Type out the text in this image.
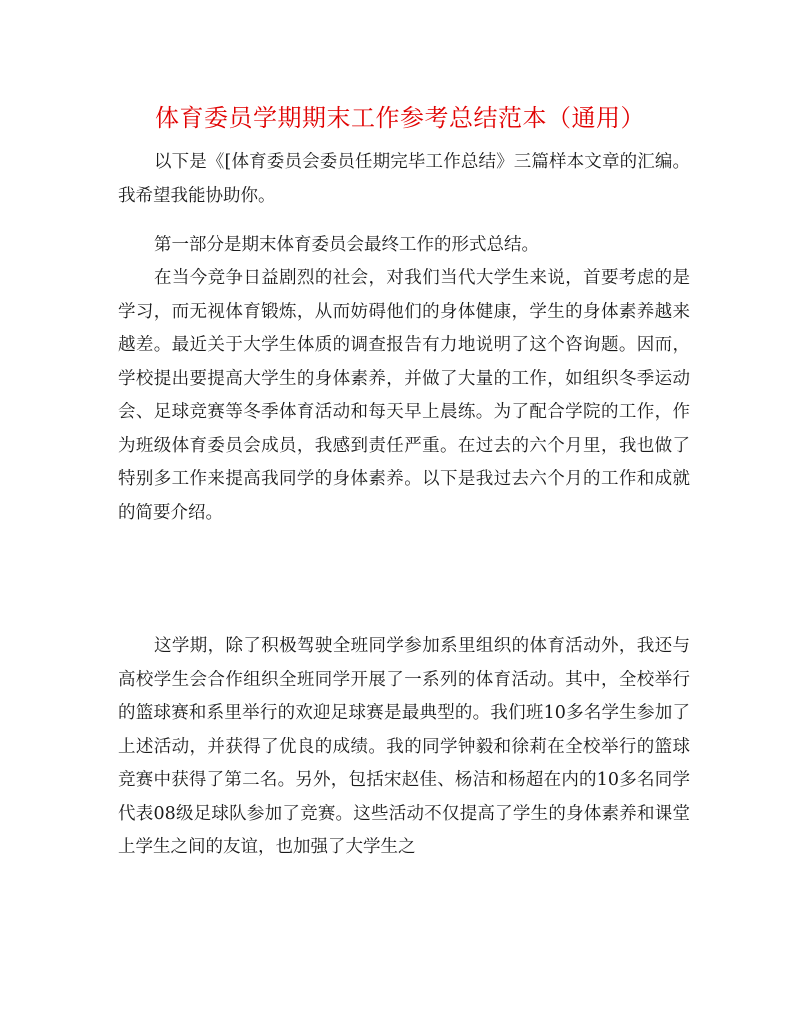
体育委员学期期末工作参考总结范本（通用）

以下是《[体育委员会委员任期完毕工作总结》三篇样本文章的汇编。我希望我能协助你。

第一部分是期末体育委员会最终工作的形式总结。

在当今竞争日益剧烈的社会，对我们当代大学生来说，首要考虑的是学习，而无视体育锻炼，从而妨碍他们的身体健康，学生的身体素养越来越差。最近关于大学生体质的调查报告有力地说明了这个咨询题。因而，学校提出要提高大学生的身体素养，并做了大量的工作，如组织冬季运动会、足球竞赛等冬季体育活动和每天早上晨练。为了配合学院的工作，作为班级体育委员会成员，我感到责任严重。在过去的六个月里，我也做了特别多工作来提高我同学的身体素养。以下是我过去六个月的工作和成就的简要介绍。

这学期，除了积极驾驶全班同学参加系里组织的体育活动外，我还与高校学生会合作组织全班同学开展了一系列的体育活动。其中，全校举行的篮球赛和系里举行的欢迎足球赛是最典型的。我们班10多名学生参加了上述活动，并获得了优良的成绩。我的同学钟毅和徐莉在全校举行的篮球竞赛中获得了第二名。另外，包括宋赵佳、杨洁和杨超在内的10多名同学代表08级足球队参加了竞赛。这些活动不仅提高了学生的身体素养和课堂上学生之间的友谊，也加强了大学生之
